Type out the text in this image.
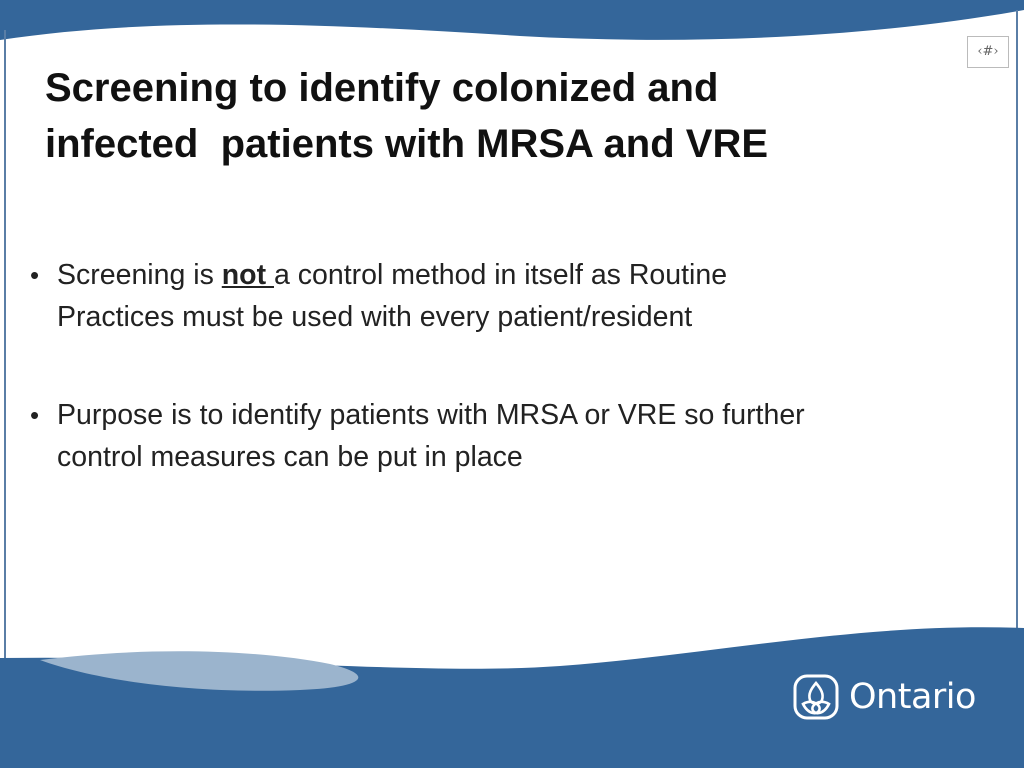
‹#›
Screening to identify colonized and
infected  patients with MRSA and VRE
• Screening is not a control method in itself as Routine
Practices must be used with every patient/resident
• Purpose is to identify patients with MRSA or VRE so further
control measures can be put in place
Ontario
